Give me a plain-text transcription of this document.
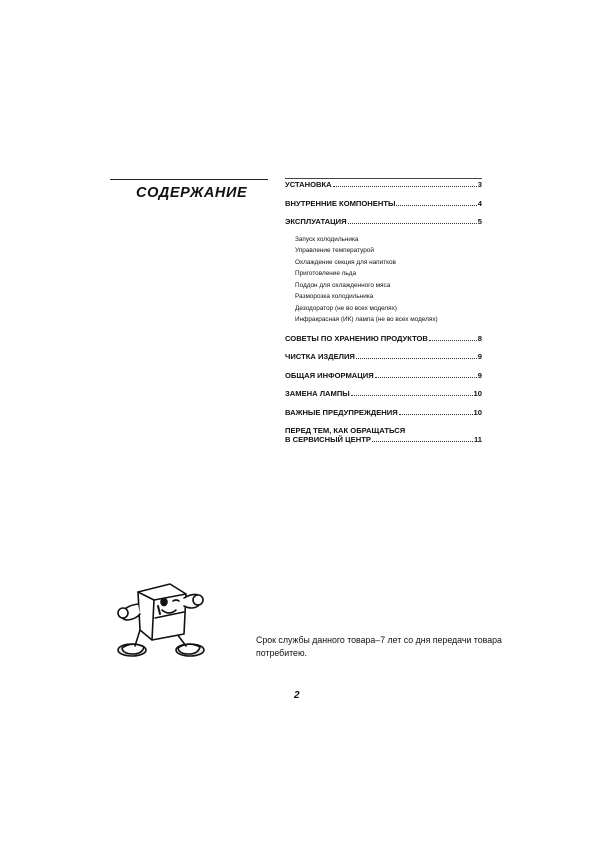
СОДЕРЖАНИЕ
УСТАНОВКА	3
ВНУТРЕННИЕ КОМПОНЕНТЫ	4
ЭКСПЛУАТАЦИЯ	5
Запуск холодильника
Управление температурой
Охлаждение секция для напитков
Приготовление льда
Поддон для охлажденного мяса
Разморозка холодильника
Дезодоратор (не во всех моделях)
Инфракрасная (ИК) лампа (не во всех моделях)
СОВЕТЫ ПО ХРАНЕНИЮ ПРОДУКТОВ	8
ЧИСТКА ИЗДЕЛИЯ	9
ОБЩАЯ ИНФОРМАЦИЯ	9
ЗАМЕНА ЛАМПЫ	10
ВАЖНЫЕ ПРЕДУПРЕЖДЕНИЯ	10
ПЕРЕД ТЕМ, КАК ОБРАЩАТЬСЯ
В СЕРВИСНЫЙ ЦЕНТР	11
Срок службы данного товара–7 лет со дня передачи товара потребитею.
2
